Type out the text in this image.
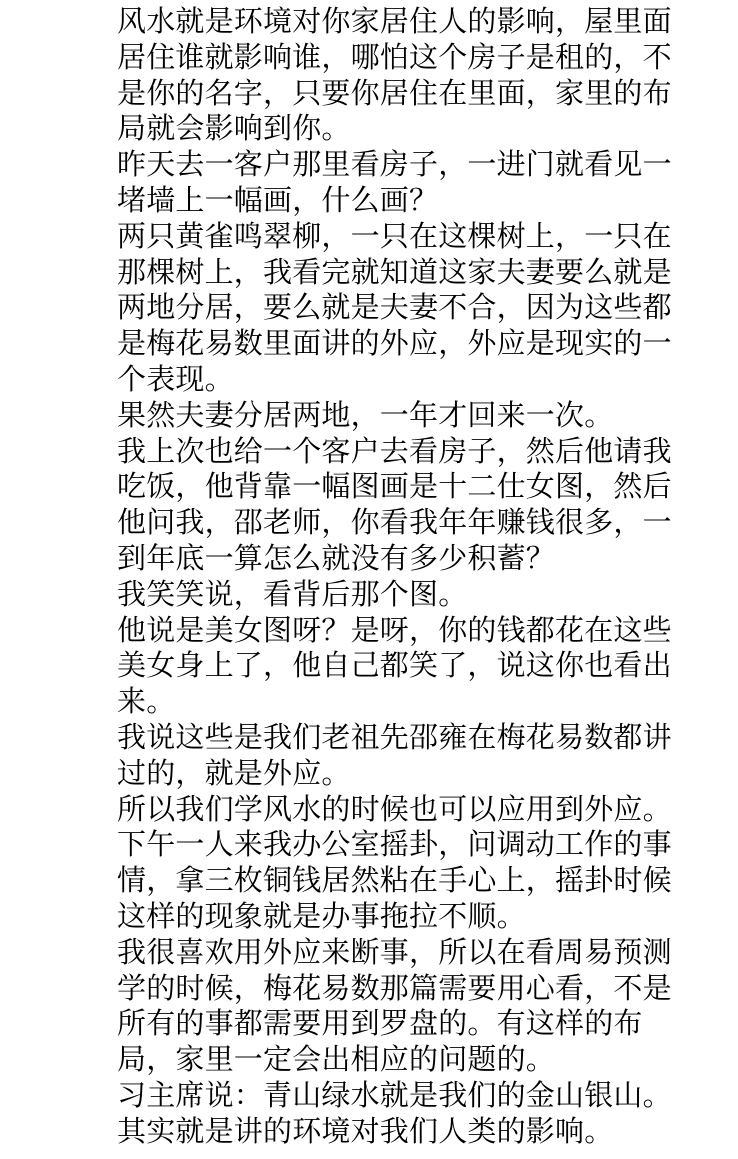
风水就是环境对你家居住人的影响，屋里面
居住谁就影响谁，哪怕这个房子是租的，不
是你的名字，只要你居住在里面，家里的布
局就会影响到你。

昨天去一客户那里看房子，一进门就看见一
堵墙上一幅画，什么画？

两只黄雀鸣翠柳，一只在这棵树上，一只在
那棵树上，我看完就知道这家夫妻要么就是
两地分居，要么就是夫妻不合，因为这些都
是梅花易数里面讲的外应，外应是现实的一
个表现。

果然夫妻分居两地，一年才回来一次。

我上次也给一个客户去看房子，然后他请我
吃饭，他背靠一幅图画是十二仕女图，然后
他问我，邵老师，你看我年年赚钱很多，一
到年底一算怎么就没有多少积蓄？

我笑笑说，看背后那个图。

他说是美女图呀？是呀，你的钱都花在这些
美女身上了，他自己都笑了，说这你也看出
来。

我说这些是我们老祖先邵雍在梅花易数都讲
过的，就是外应。

所以我们学风水的时候也可以应用到外应。

下午一人来我办公室摇卦，问调动工作的事
情，拿三枚铜钱居然粘在手心上，摇卦时候
这样的现象就是办事拖拉不顺。

我很喜欢用外应来断事，所以在看周易预测
学的时候，梅花易数那篇需要用心看，不是
所有的事都需要用到罗盘的。有这样的布
局，家里一定会出相应的问题的。

习主席说：青山绿水就是我们的金山银山。

其实就是讲的环境对我们人类的影响。
